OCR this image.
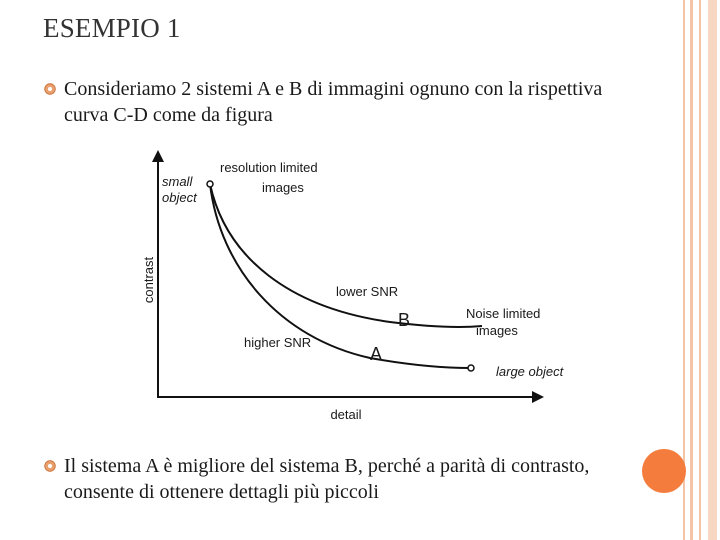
ESEMPIO 1
Consideriamo 2 sistemi A e B di immagini ognuno con la rispettiva curva C-D come da figura
contrast
detail
small
object
resolution limited
images
lower SNR
higher SNR
B
A
Noise limited
images
large object
Il sistema A è migliore del sistema B, perché a parità di contrasto, consente di ottenere dettagli più piccoli
